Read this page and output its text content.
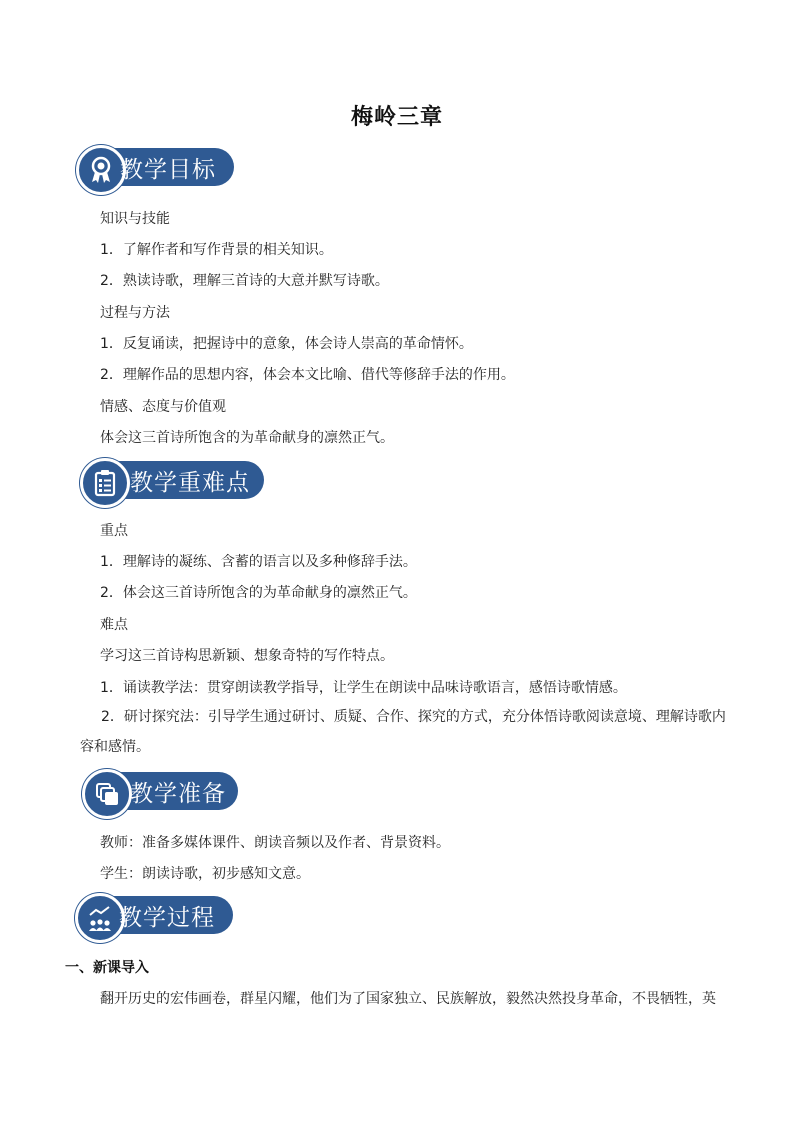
梅岭三章
教学目标
知识与技能
1．了解作者和写作背景的相关知识。
2．熟读诗歌，理解三首诗的大意并默写诗歌。
过程与方法
1．反复诵读，把握诗中的意象，体会诗人崇高的革命情怀。
2．理解作品的思想内容，体会本文比喻、借代等修辞手法的作用。
情感、态度与价值观
体会这三首诗所饱含的为革命献身的凛然正气。
教学重难点
重点
1．理解诗的凝练、含蓄的语言以及多种修辞手法。
2．体会这三首诗所饱含的为革命献身的凛然正气。
难点
学习这三首诗构思新颖、想象奇特的写作特点。
1．诵读教学法：贯穿朗读教学指导，让学生在朗读中品味诗歌语言，感悟诗歌情感。
2．研讨探究法：引导学生通过研讨、质疑、合作、探究的方式，充分体悟诗歌阅读意境、理解诗歌内容和感情。
教学准备
教师：准备多媒体课件、朗读音频以及作者、背景资料。
学生：朗读诗歌，初步感知文意。
教学过程
一、新课导入
翻开历史的宏伟画卷，群星闪耀，他们为了国家独立、民族解放，毅然决然投身革命，不畏牺牲，英
